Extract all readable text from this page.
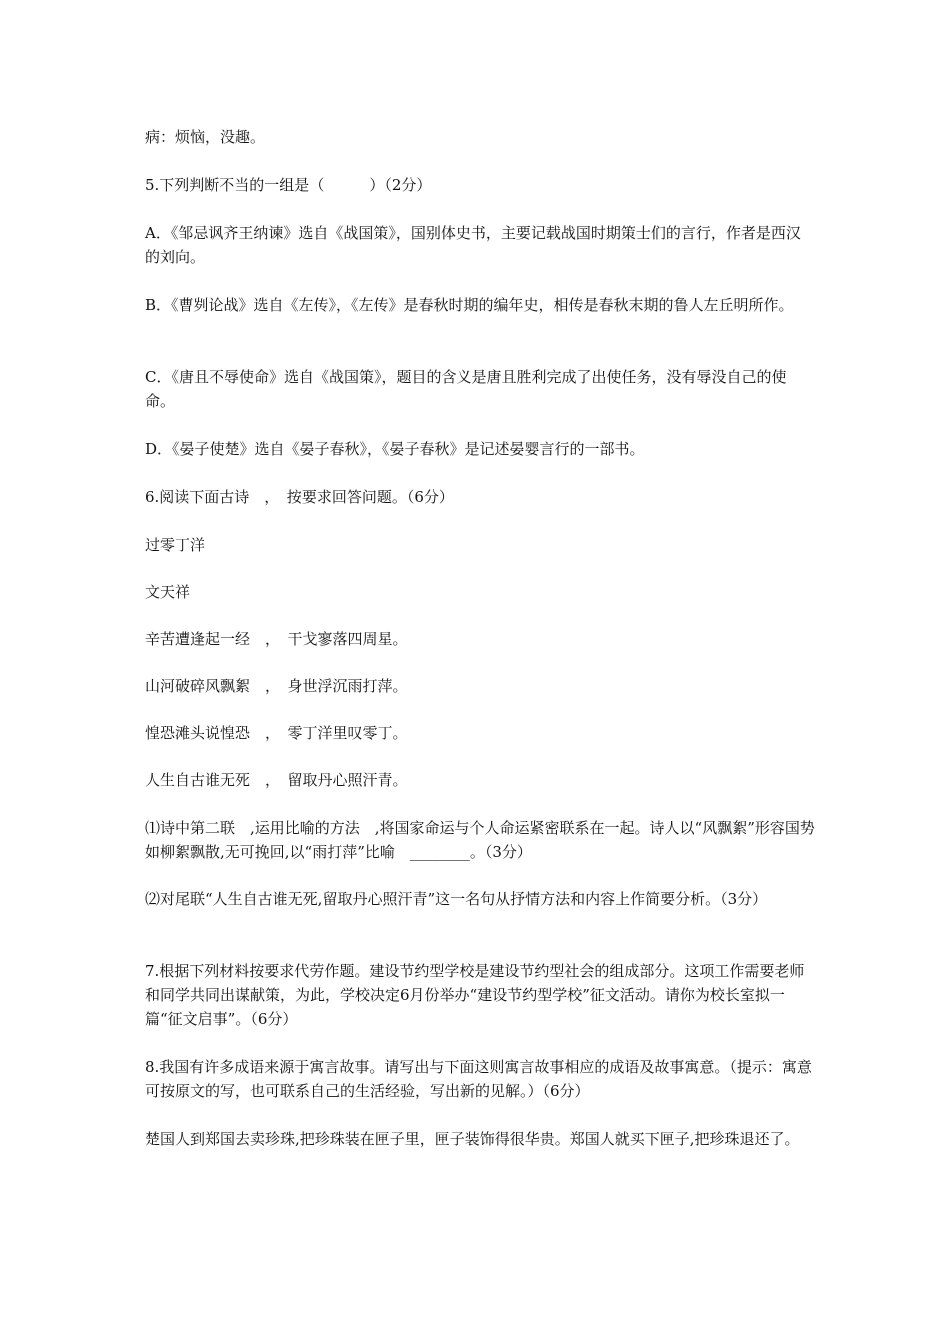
病：烦恼，没趣。

5.下列判断不当的一组是（　　　）（2分）

A．《邹忌讽齐王纳谏》选自《战国策》，国别体史书，主要记载战国时期策士们的言行，作者是西汉的刘向。

B．《曹刿论战》选自《左传》，《左传》是春秋时期的编年史，相传是春秋末期的鲁人左丘明所作。

C．《唐且不辱使命》选自《战国策》，题目的含义是唐且胜利完成了出使任务，没有辱没自己的使命。

D．《晏子使楚》选自《晏子春秋》，《晏子春秋》是记述晏婴言行的一部书。

6.阅读下面古诗　，　按要求回答问题。（6分）

过零丁洋

文天祥

辛苦遭逢起一经　，　干戈寥落四周星。

山河破碎风飘絮　，　身世浮沉雨打萍。

惶恐滩头说惶恐　，　零丁洋里叹零丁。

人生自古谁无死　，　留取丹心照汗青。

⑴诗中第二联　,运用比喻的方法　,将国家命运与个人命运紧密联系在一起。诗人以“风飘絮”形容国势如柳絮飘散,无可挽回,以“雨打萍”比喻　________。（3分）

⑵对尾联“人生自古谁无死,留取丹心照汗青”这一名句从抒情方法和内容上作简要分析。（3分）

7.根据下列材料按要求代劳作题。建设节约型学校是建设节约型社会的组成部分。这项工作需要老师和同学共同出谋献策，为此，学校决定6月份举办“建设节约型学校”征文活动。请你为校长室拟一篇“征文启事”。（6分）

8.我国有许多成语来源于寓言故事。请写出与下面这则寓言故事相应的成语及故事寓意。（提示：寓意可按原文的写，也可联系自己的生活经验，写出新的见解。）（6分）

楚国人到郑国去卖珍珠,把珍珠装在匣子里，匣子装饰得很华贵。郑国人就买下匣子,把珍珠退还了。
